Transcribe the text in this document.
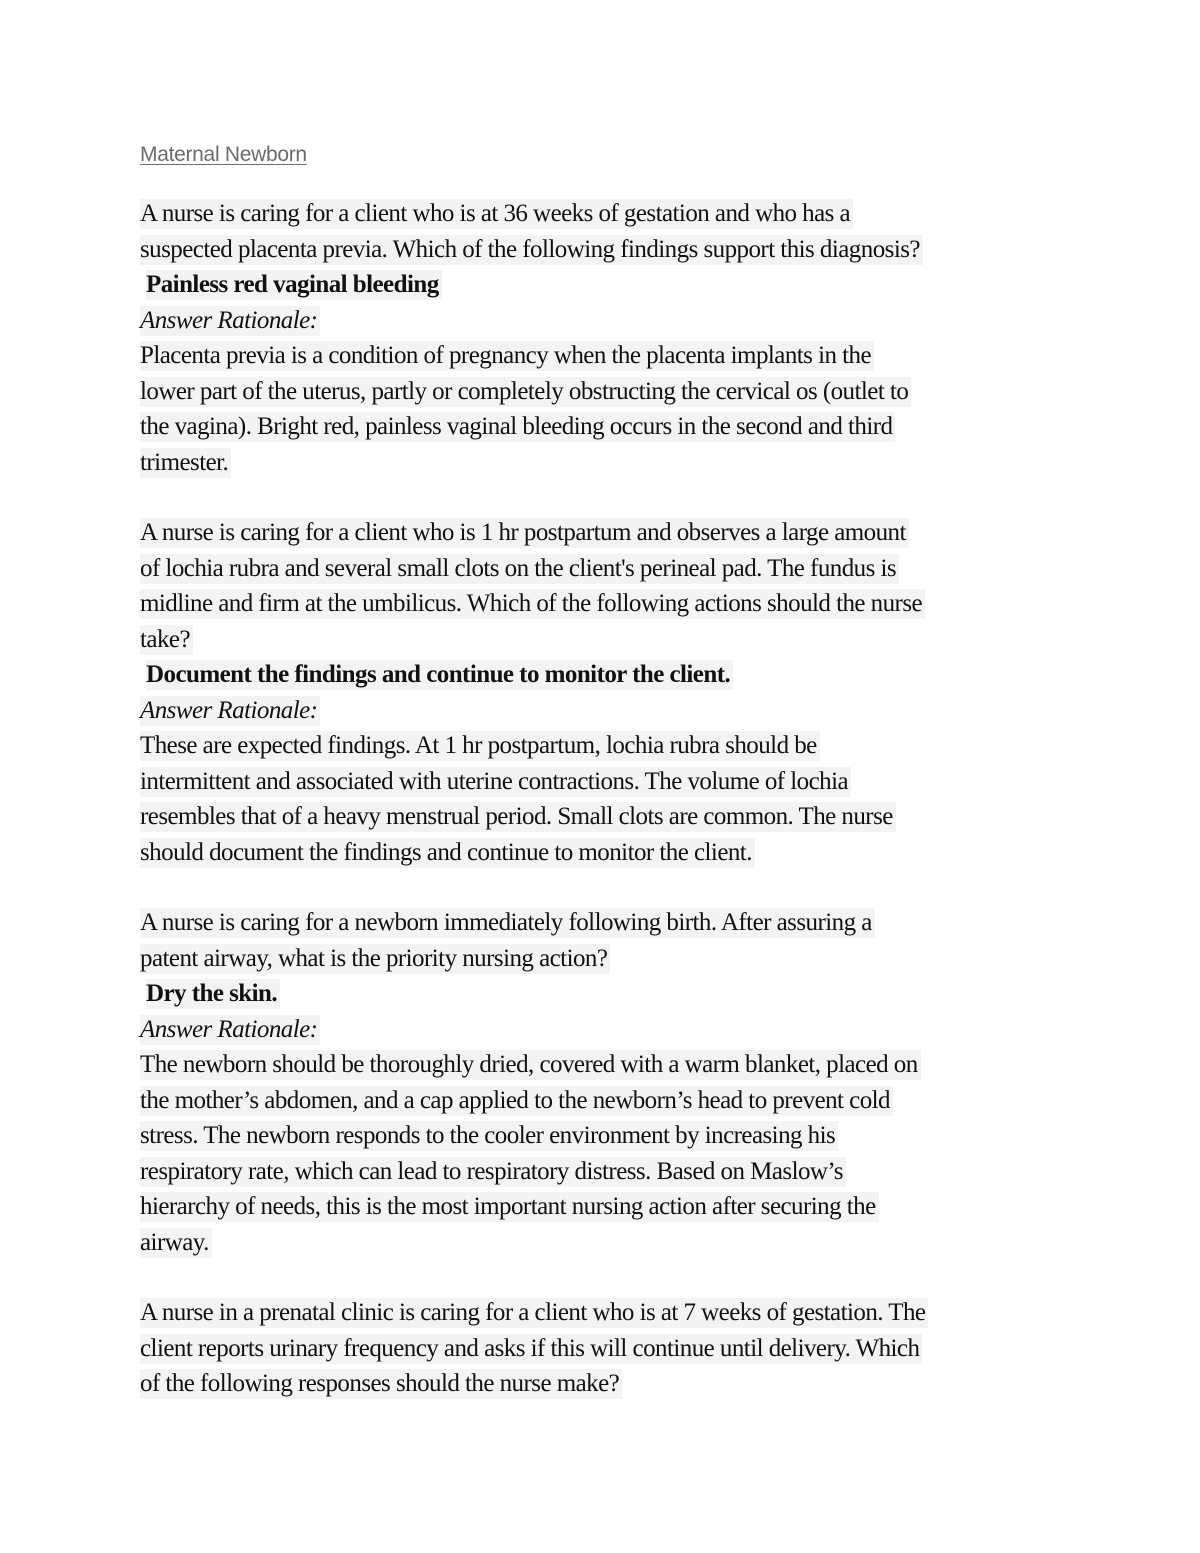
Maternal Newborn
A nurse is caring for a client who is at 36 weeks of gestation and who has a
suspected placenta previa. Which of the following findings support this diagnosis?
Painless red vaginal bleeding
Answer Rationale:
Placenta previa is a condition of pregnancy when the placenta implants in the
lower part of the uterus, partly or completely obstructing the cervical os (outlet to
the vagina). Bright red, painless vaginal bleeding occurs in the second and third
trimester.
A nurse is caring for a client who is 1 hr postpartum and observes a large amount
of lochia rubra and several small clots on the client's perineal pad. The fundus is
midline and firm at the umbilicus. Which of the following actions should the nurse
take?
Document the findings and continue to monitor the client.
Answer Rationale:
These are expected findings. At 1 hr postpartum, lochia rubra should be
intermittent and associated with uterine contractions. The volume of lochia
resembles that of a heavy menstrual period. Small clots are common. The nurse
should document the findings and continue to monitor the client.
A nurse is caring for a newborn immediately following birth. After assuring a
patent airway, what is the priority nursing action?
Dry the skin.
Answer Rationale:
The newborn should be thoroughly dried, covered with a warm blanket, placed on
the mother’s abdomen, and a cap applied to the newborn’s head to prevent cold
stress. The newborn responds to the cooler environment by increasing his
respiratory rate, which can lead to respiratory distress. Based on Maslow’s
hierarchy of needs, this is the most important nursing action after securing the
airway.
A nurse in a prenatal clinic is caring for a client who is at 7 weeks of gestation. The
client reports urinary frequency and asks if this will continue until delivery. Which
of the following responses should the nurse make?
